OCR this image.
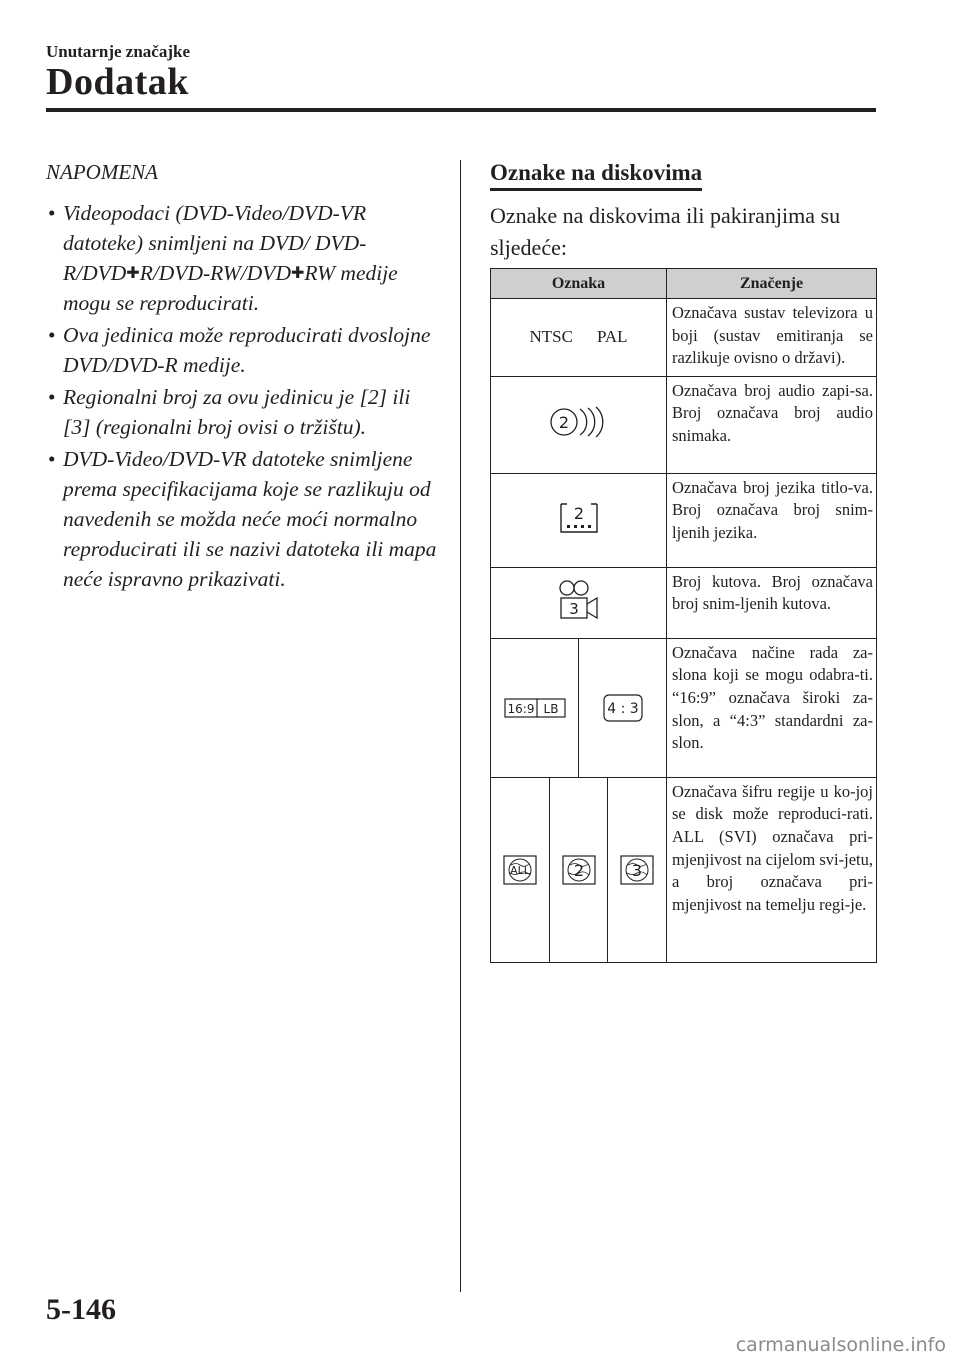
Unutarnje značajke
Dodatak
NAPOMENA
• Videopodaci (DVD-Video/DVD-VR datoteke) snimljeni na DVD/ DVD-R/DVD✚R/DVD-RW/DVD✚RW medije mogu se reproducirati.
• Ova jedinica može reproducirati dvoslojne DVD/DVD-R medije.
• Regionalni broj za ovu jedinicu je [2] ili [3] (regionalni broj ovisi o tržištu).
• DVD-Video/DVD-VR datoteke snimljene prema specifikacijama koje se razlikuju od navedenih se možda neće moći normalno reproducirati ili se nazivi datoteka ili mapa neće ispravno prikazivati.
Oznake na diskovima
Oznake na diskovima ili pakiranjima su sljedeće:
Oznaka	Značenje
NTSC PAL	Označava sustav televizora u boji (sustav emitiranja se razlikuje ovisno o državi).

2	Označava broj audio zapi-sa. Broj označava broj audio snimaka.

2	Označava broj jezika titlo-va. Broj označava broj snim-ljenih jezika.

3	Broj kutova. Broj označava broj snim-ljenih kutova.

16:9 LB 4 : 3	Označava načine rada za-slona koji se mogu odabra-ti. “16:9” označava široki za-slon, a “4:3” standardni za-slon.

ALL 2 3	Označava šifru regije u ko-joj se disk može reproduci-rati. ALL (SVI) označava pri-mjenjivost na cijelom svi-jetu, a broj označava pri-mjenjivost na temelju regi-je.
5-146
carmanualsonline.info
